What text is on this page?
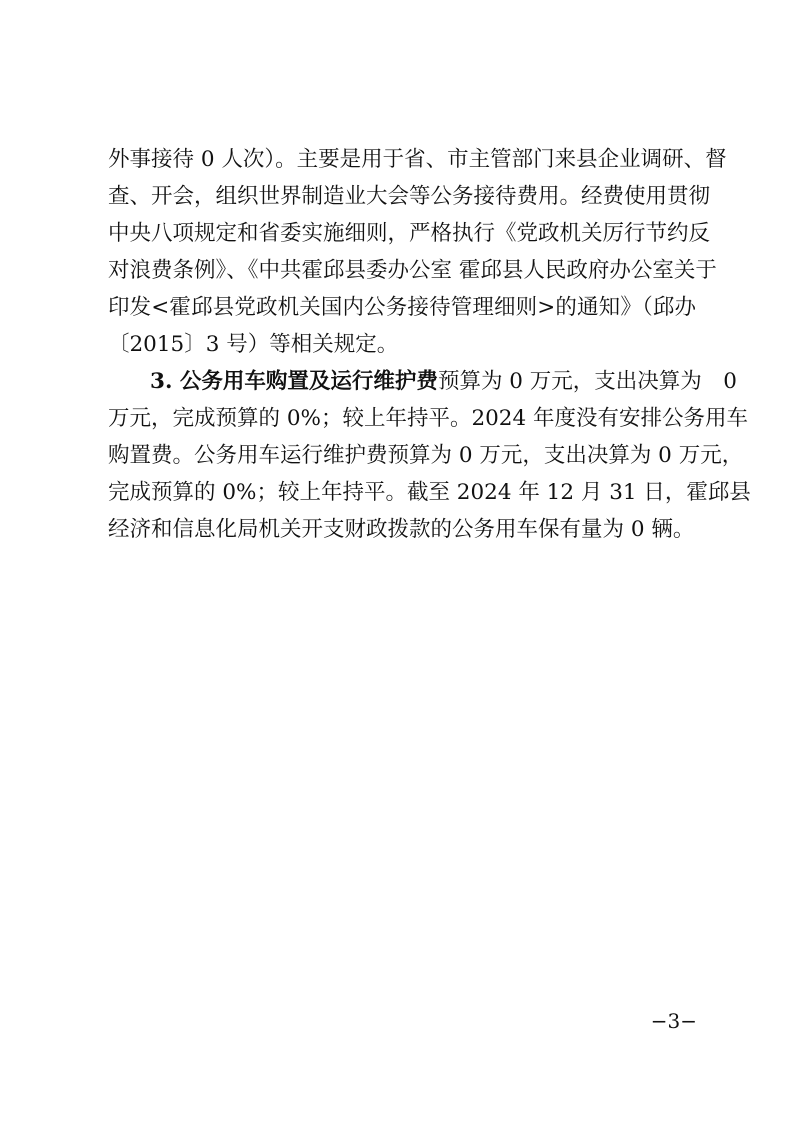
外事接待 0 人次）。主要是用于省、市主管部门来县企业调研、督
查、开会，组织世界制造业大会等公务接待费用。经费使用贯彻
中央八项规定和省委实施细则，严格执行《党政机关厉行节约反
对浪费条例》、《中共霍邱县委办公室 霍邱县人民政府办公室关于
印发<霍邱县党政机关国内公务接待管理细则>的通知》（邱办
〔2015〕3 号）等相关规定。
3. 公务用车购置及运行维护费预算为 0 万元，支出决算为　0
万元，完成预算的 0%；较上年持平。2024 年度没有安排公务用车
购置费。公务用车运行维护费预算为 0 万元，支出决算为 0 万元，
完成预算的 0%；较上年持平。截至 2024 年 12 月 31 日，霍邱县
经济和信息化局机关开支财政拨款的公务用车保有量为 0 辆。
−3−
